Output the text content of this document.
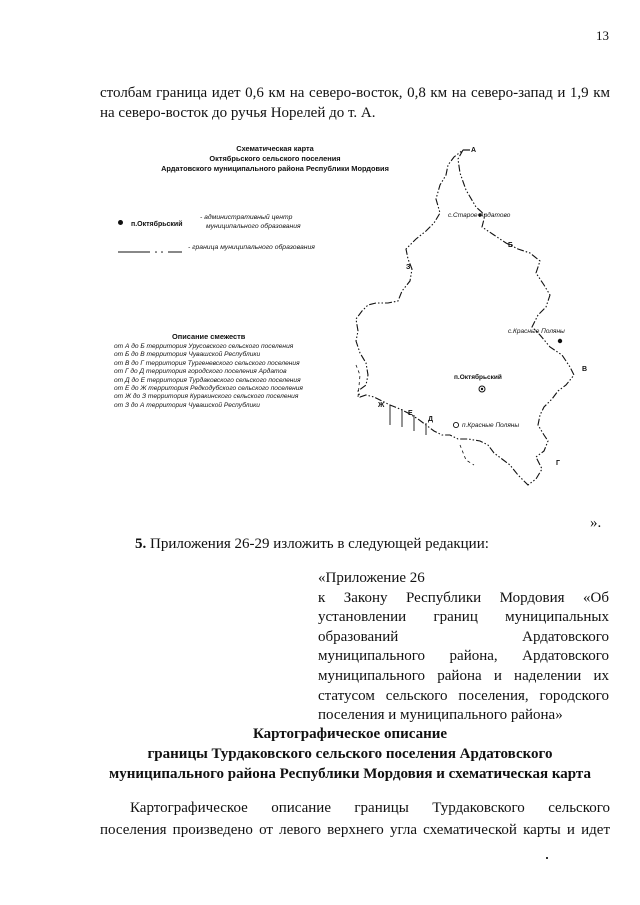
13
столбам граница идет 0,6 км на северо-восток, 0,8 км на северо-запад и 1,9 км
на северо-восток до ручья Норелей до т. А.
Схематическая карта
Октябрьского сельского поселения
Ардатовского муниципального района Республики Мордовия
п.Октябрьский
- административный центр
муниципального образования
- граница муниципального образования
Описание смежеств
от А до Б территория Урусовского сельского поселения
от Б до В территория Чувашской Республики
от В до Г территория Тургеневского сельского поселения
от Г до Д территория городского поселения Ардатов
от Д до Е территория Турдаковского сельского поселения
от Е до Ж территория Редкодубского сельского поселения
от Ж до З территория Куракинского сельского поселения
от З до А территория Чувашской Республики
А
Б
В
Г
Д
Е
Ж
З
с.Старое Ардатово
с.Красные Поляны
п.Октябрьский
п.Красные Поляны
».
5. Приложения 26-29 изложить в следующей редакции:
«Приложение 26
к Закону Республики Мордовия «Об
установлении границ муниципальных
образований Ардатовского
муниципального района, Ардатовского
муниципального района и наделении их
статусом сельского поселения, городского
поселения и муниципального района»
Картографическое описание
границы Турдаковского сельского поселения Ардатовского
муниципального района Республики Мордовия и схематическая карта
Картографическое описание границы Турдаковского сельского
поселения произведено от левого верхнего угла схематической карты и идет
